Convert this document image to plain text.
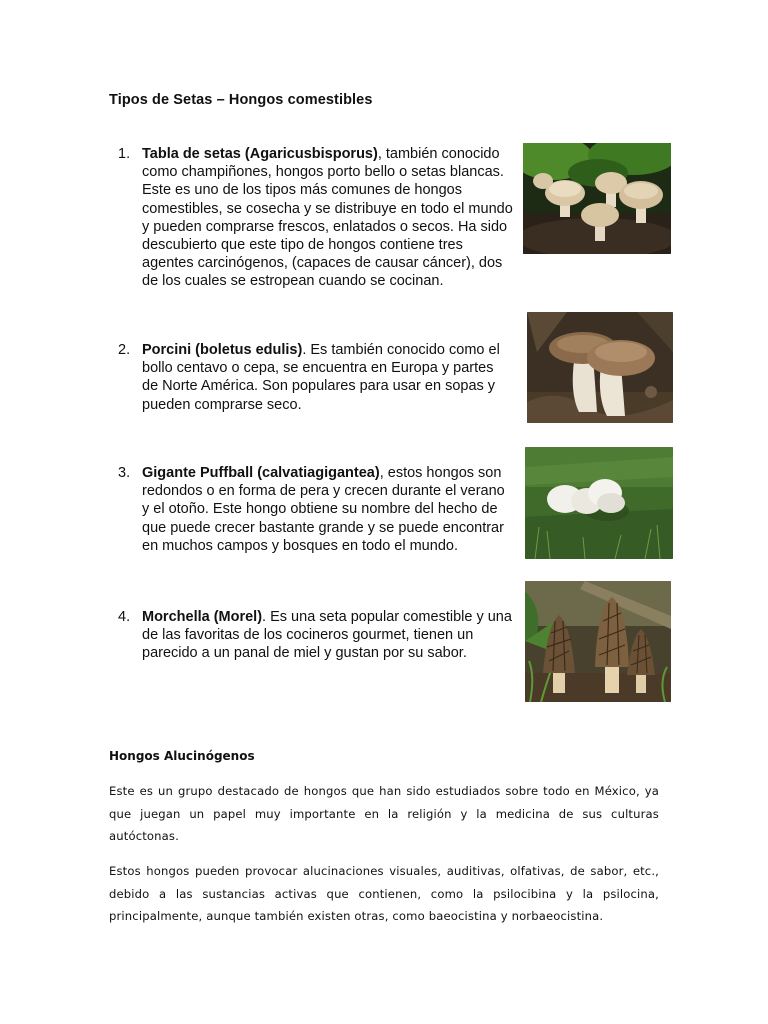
Tipos de Setas – Hongos comestibles
1. Tabla de setas (Agaricusbisporus), también conocido como champiñones, hongos porto bello o setas blancas. Este es uno de los tipos más comunes de hongos comestibles, se cosecha y se distribuye en todo el mundo y pueden comprarse frescos, enlatados o secos. Ha sido descubierto que este tipo de hongos contiene tres agentes carcinógenos, (capaces de causar cáncer), dos de los cuales se estropean cuando se cocinan.
2. Porcini (boletus edulis). Es también conocido como el bollo centavo o cepa, se encuentra en Europa y partes de Norte América. Son populares para usar en sopas y pueden comprarse seco.
3. Gigante Puffball (calvatiagigantea), estos hongos son redondos o en forma de pera y crecen durante el verano y el otoño. Este hongo obtiene su nombre del hecho de que puede crecer bastante grande y se puede encontrar en muchos campos y bosques en todo el mundo.
4. Morchella (Morel). Es una seta popular comestible y una de las favoritas de los cocineros gourmet, tienen un parecido a un panal de miel y gustan por su sabor.
Hongos Alucinógenos

Este es un grupo destacado de hongos que han sido estudiados sobre todo en México, ya que juegan un papel muy importante en la religión y la medicina de sus culturas autóctonas.

Estos hongos pueden provocar alucinaciones visuales, auditivas, olfativas, de sabor, etc., debido a las sustancias activas que contienen, como la psilocibina y la psilocina, principalmente, aunque también existen otras, como baeocistina y norbaeocistina.
